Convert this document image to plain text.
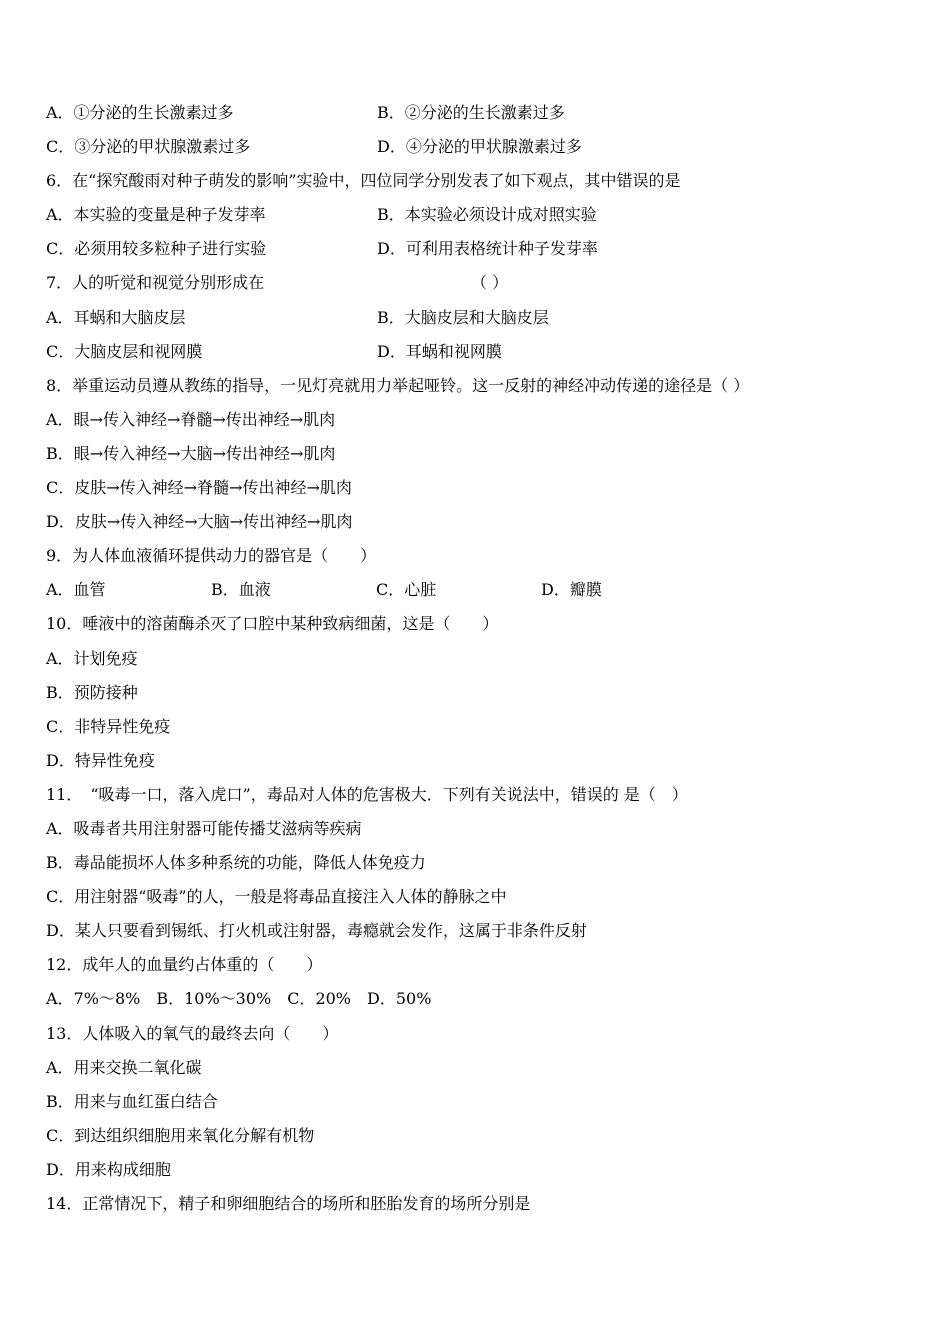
A．①分泌的生长激素过多	B．②分泌的生长激素过多
C．③分泌的甲状腺激素过多	D．④分泌的甲状腺激素过多
6．在“探究酸雨对种子萌发的影响”实验中，四位同学分别发表了如下观点，其中错误的是
A．本实验的变量是种子发芽率	B．本实验必须设计成对照实验
C．必须用较多粒种子进行实验	D．可利用表格统计种子发芽率
7．人的听觉和视觉分别形成在	（ ）
A．耳蜗和大脑皮层	B．大脑皮层和大脑皮层
C．大脑皮层和视网膜	D．耳蜗和视网膜
8．举重运动员遵从教练的指导，一见灯亮就用力举起哑铃。这一反射的神经冲动传递的途径是（ ）
A．眼→传入神经→脊髓→传出神经→肌肉
B．眼→传入神经→大脑→传出神经→肌肉
C．皮肤→传入神经→脊髓→传出神经→肌肉
D．皮肤→传入神经→大脑→传出神经→肌肉
9．为人体血液循环提供动力的器官是（　　）
A．血管	B．血液	C．心脏	D．瓣膜
10．唾液中的溶菌酶杀灭了口腔中某种致病细菌，这是（　　）
A．计划免疫
B．预防接种
C．非特异性免疫
D．特异性免疫
11．　“吸毒一口，落入虎口”，毒品对人体的危害极大．下列有关说法中，错误的 是（　）
A．吸毒者共用注射器可能传播艾滋病等疾病
B．毒品能损坏人体多种系统的功能，降低人体免疫力
C．用注射器“吸毒”的人，一般是将毒品直接注入人体的静脉之中
D．某人只要看到锡纸、打火机或注射器，毒瘾就会发作，这属于非条件反射
12．成年人的血量约占体重的（　　）
A．7%～8%　B．10%～30%　C．20%　D．50%
13．人体吸入的氧气的最终去向（　　）
A．用来交换二氧化碳
B．用来与血红蛋白结合
C．到达组织细胞用来氧化分解有机物
D．用来构成细胞
14．正常情况下，精子和卵细胞结合的场所和胚胎发育的场所分别是
